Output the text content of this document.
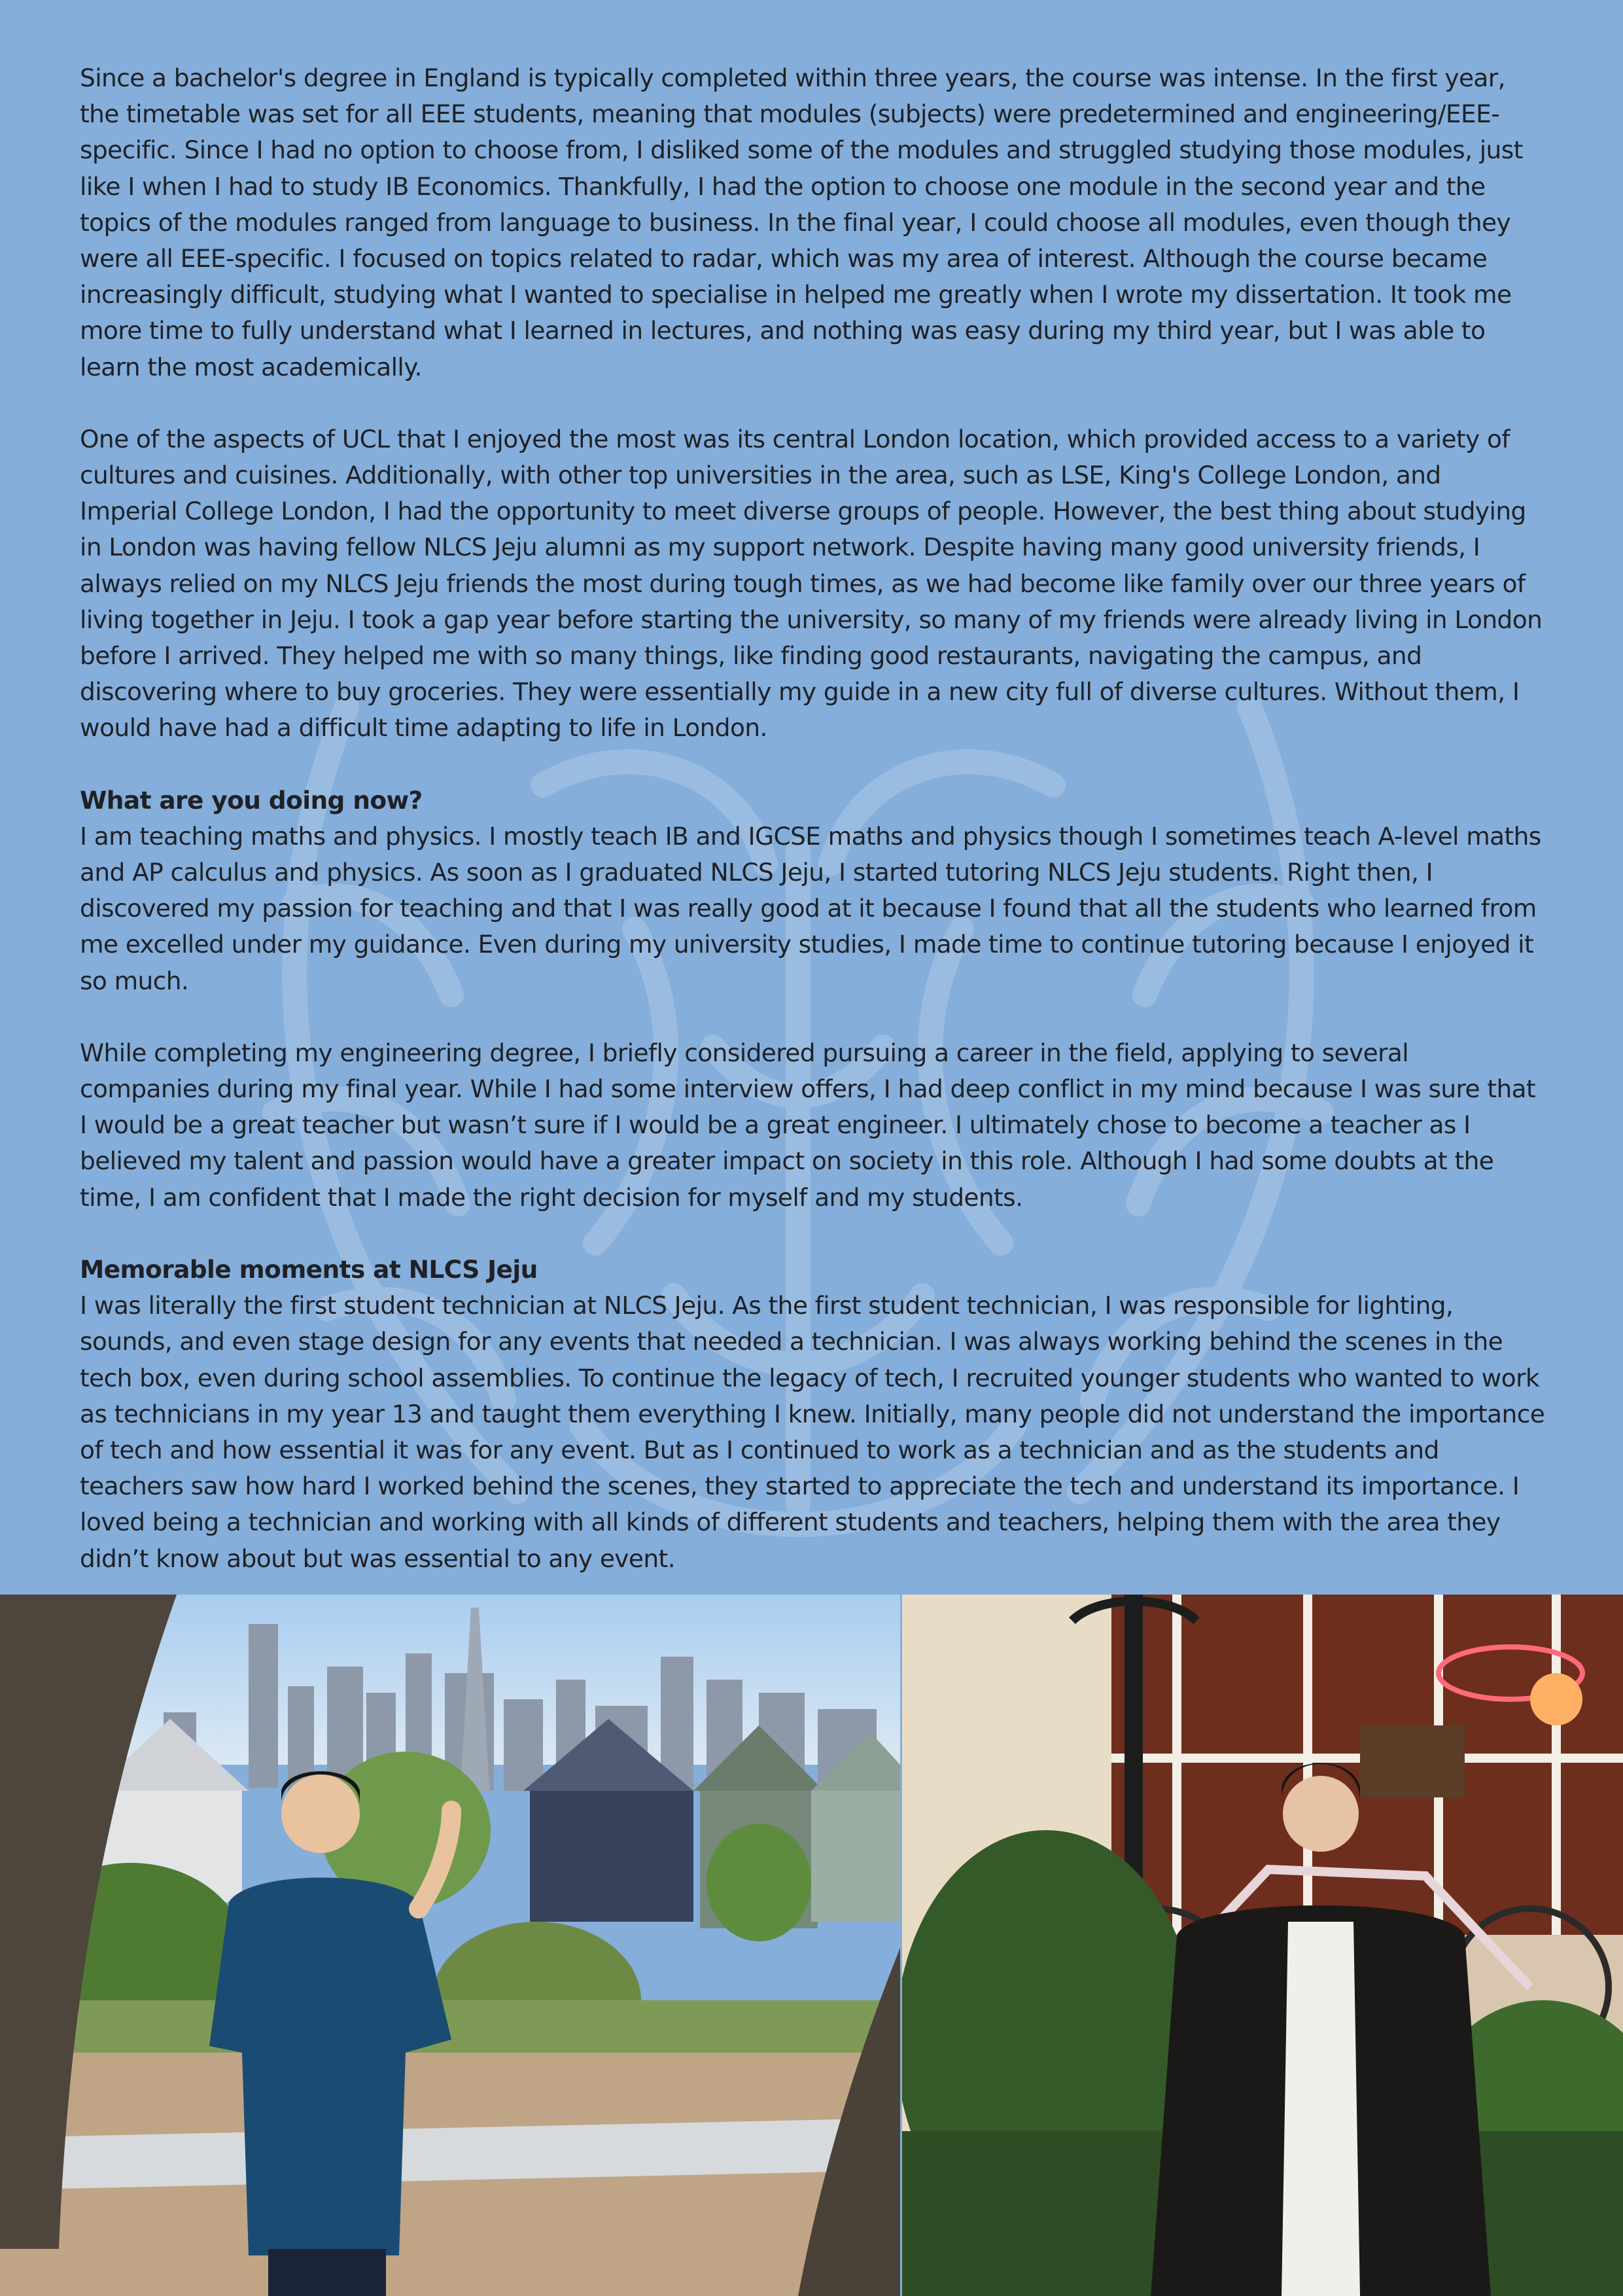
Since a bachelor's degree in England is typically completed within three years, the course was intense. In the first year, the timetable was set for all EEE students, meaning that modules (subjects) were predetermined and engineering/EEE-specific. Since I had no option to choose from, I disliked some of the modules and struggled studying those modules, just like I when I had to study IB Economics. Thankfully, I had the option to choose one module in the second year and the topics of the modules ranged from language to business. In the final year, I could choose all modules, even though they were all EEE-specific. I focused on topics related to radar, which was my area of interest. Although the course became increasingly difficult, studying what I wanted to specialise in helped me greatly when I wrote my dissertation. It took me more time to fully understand what I learned in lectures, and nothing was easy during my third year, but I was able to learn the most academically.

One of the aspects of UCL that I enjoyed the most was its central London location, which provided access to a variety of cultures and cuisines. Additionally, with other top universities in the area, such as LSE, King's College London, and Imperial College London, I had the opportunity to meet diverse groups of people. However, the best thing about studying in London was having fellow NLCS Jeju alumni as my support network. Despite having many good university friends, I always relied on my NLCS Jeju friends the most during tough times, as we had become like family over our three years of living together in Jeju. I took a gap year before starting the university, so many of my friends were already living in London before I arrived. They helped me with so many things, like finding good restaurants, navigating the campus, and discovering where to buy groceries. They were essentially my guide in a new city full of diverse cultures. Without them, I would have had a difficult time adapting to life in London.

What are you doing now?

I am teaching maths and physics. I mostly teach IB and IGCSE maths and physics though I sometimes teach A-level maths and AP calculus and physics. As soon as I graduated NLCS Jeju, I started tutoring NLCS Jeju students. Right then, I discovered my passion for teaching and that I was really good at it because I found that all the students who learned from me excelled under my guidance. Even during my university studies, I made time to continue tutoring because I enjoyed it so much.

While completing my engineering degree, I briefly considered pursuing a career in the field, applying to several companies during my final year. While I had some interview offers, I had deep conflict in my mind because I was sure that I would be a great teacher but wasn’t sure if I would be a great engineer. I ultimately chose to become a teacher as I believed my talent and passion would have a greater impact on society in this role. Although I had some doubts at the time, I am confident that I made the right decision for myself and my students.

Memorable moments at NLCS Jeju

I was literally the first student technician at NLCS Jeju. As the first student technician, I was responsible for lighting, sounds, and even stage design for any events that needed a technician. I was always working behind the scenes in the tech box, even during school assemblies. To continue the legacy of tech, I recruited younger students who wanted to work as technicians in my year 13 and taught them everything I knew. Initially, many people did not understand the importance of tech and how essential it was for any event. But as I continued to work as a technician and as the students and teachers saw how hard I worked behind the scenes, they started to appreciate the tech and understand its importance. I loved being a technician and working with all kinds of different students and teachers, helping them with the area they didn’t know about but was essential to any event.
